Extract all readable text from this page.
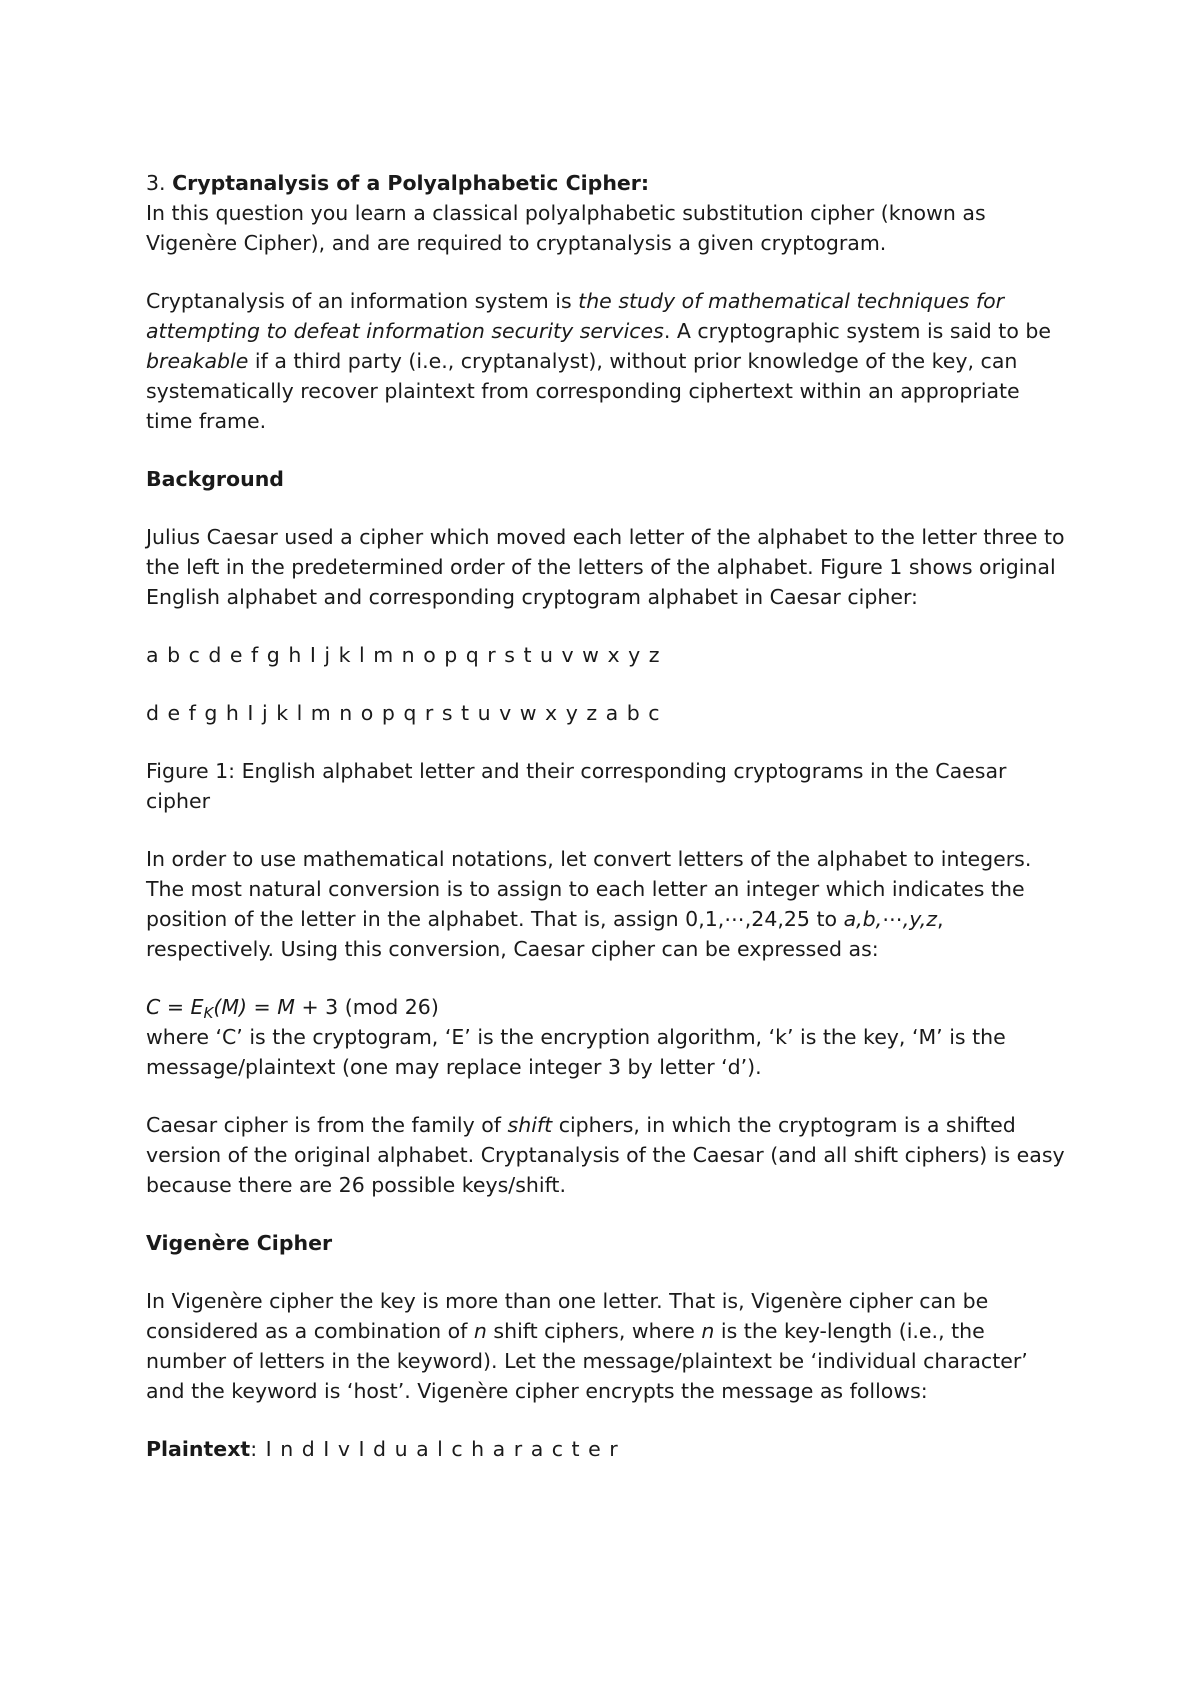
3. Cryptanalysis of a Polyalphabetic Cipher:

In this question you learn a classical polyalphabetic substitution cipher (known as Vigenère Cipher), and are required to cryptanalysis a given cryptogram.

Cryptanalysis of an information system is the study of mathematical techniques for attempting to defeat information security services. A cryptographic system is said to be breakable if a third party (i.e., cryptanalyst), without prior knowledge of the key, can systematically recover plaintext from corresponding ciphertext within an appropriate time frame.

Background

Julius Caesar used a cipher which moved each letter of the alphabet to the letter three to the left in the predetermined order of the letters of the alphabet. Figure 1 shows original English alphabet and corresponding cryptogram alphabet in Caesar cipher:

a b c d e f g h I j k l m n o p q r s t u v w x y z

d e f g h I j k l m n o p q r s t u v w x y z a b c

Figure 1: English alphabet letter and their corresponding cryptograms in the Caesar cipher

In order to use mathematical notations, let convert letters of the alphabet to integers. The most natural conversion is to assign to each letter an integer which indicates the position of the letter in the alphabet. That is, assign 0,1,⋯,24,25 to a,b,⋯,y,z, respectively. Using this conversion, Caesar cipher can be expressed as:

$C = E_K(M) = M + 3$ (mod 26)

where ‘C’ is the cryptogram, ‘E’ is the encryption algorithm, ‘k’ is the key, ‘M’ is the message/plaintext (one may replace integer 3 by letter ‘d’).

Caesar cipher is from the family of shift ciphers, in which the cryptogram is a shifted version of the original alphabet. Cryptanalysis of the Caesar (and all shift ciphers) is easy because there are 26 possible keys/shift.

Vigenère Cipher

In Vigenère cipher the key is more than one letter. That is, Vigenère cipher can be considered as a combination of n shift ciphers, where n is the key-length (i.e., the number of letters in the keyword). Let the message/plaintext be ‘individual character’ and the keyword is ‘host’. Vigenère cipher encrypts the message as follows:

Plaintext: I n d I v I d u a l c h a r a c t e r
